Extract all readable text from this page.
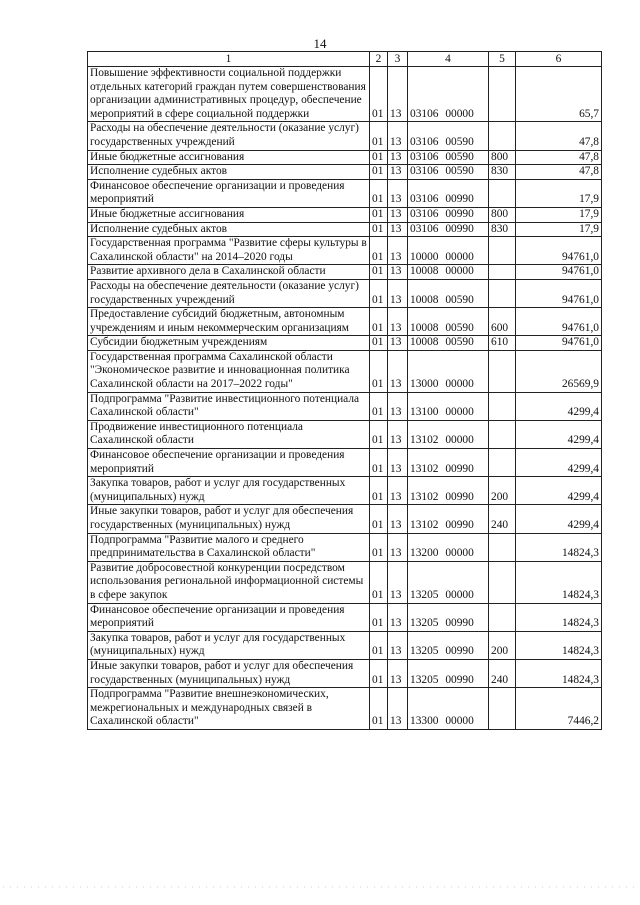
14
1	2	3	4	5	6
Повышение эффективности социальной поддержки отдельных категорий граждан путем совершенствования организации административных процедур, обеспечение мероприятий в сфере социальной поддержки	01	13	03106 00000		65,7
Расходы на обеспечение деятельности (оказание услуг) государственных учреждений	01	13	03106 00590		47,8
Иные бюджетные ассигнования	01	13	03106 00590	800	47,8
Исполнение судебных актов	01	13	03106 00590	830	47,8
Финансовое обеспечение организации и проведения мероприятий	01	13	03106 00990		17,9
Иные бюджетные ассигнования	01	13	03106 00990	800	17,9
Исполнение судебных актов	01	13	03106 00990	830	17,9
Государственная программа "Развитие сферы культуры в Сахалинской области" на 2014–2020 годы	01	13	10000 00000		94761,0
Развитие архивного дела в Сахалинской области	01	13	10008 00000		94761,0
Расходы на обеспечение деятельности (оказание услуг) государственных учреждений	01	13	10008 00590		94761,0
Предоставление субсидий бюджетным, автономным учреждениям и иным некоммерческим организациям	01	13	10008 00590	600	94761,0
Субсидии бюджетным учреждениям	01	13	10008 00590	610	94761,0
Государственная программа Сахалинской области "Экономическое развитие и инновационная политика Сахалинской области на 2017–2022 годы"	01	13	13000 00000		26569,9
Подпрограмма "Развитие инвестиционного потенциала Сахалинской области"	01	13	13100 00000		4299,4
Продвижение инвестиционного потенциала Сахалинской области	01	13	13102 00000		4299,4
Финансовое обеспечение организации и проведения мероприятий	01	13	13102 00990		4299,4
Закупка товаров, работ и услуг для государственных (муниципальных) нужд	01	13	13102 00990	200	4299,4
Иные закупки товаров, работ и услуг для обеспечения государственных (муниципальных) нужд	01	13	13102 00990	240	4299,4
Подпрограмма "Развитие малого и среднего предпринимательства в Сахалинской области"	01	13	13200 00000		14824,3
Развитие добросовестной конкуренции посредством использования региональной информационной системы в сфере закупок	01	13	13205 00000		14824,3
Финансовое обеспечение организации и проведения мероприятий	01	13	13205 00990		14824,3
Закупка товаров, работ и услуг для государственных (муниципальных) нужд	01	13	13205 00990	200	14824,3
Иные закупки товаров, работ и услуг для обеспечения государственных (муниципальных) нужд	01	13	13205 00990	240	14824,3
Подпрограмма "Развитие внешнеэкономических, межрегиональных и международных связей в Сахалинской области"	01	13	13300 00000		7446,2
